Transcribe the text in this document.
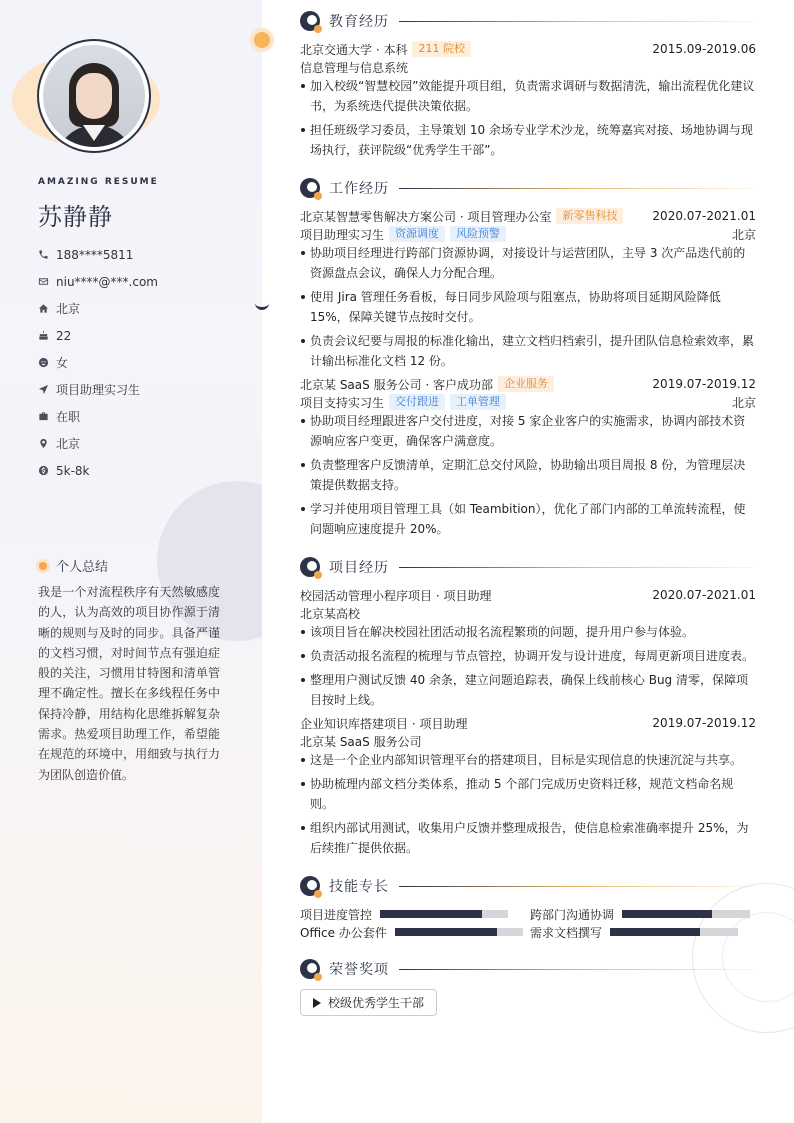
AMAZING RESUME
苏静静
188****5811
niu****@***.com
北京
22
女
项目助理实习生
在职
北京
5k-8k
个人总结

我是一个对流程秩序有天然敏感度的人，认为高效的项目协作源于清晰的规则与及时的同步。具备严谨的文档习惯，对时间节点有强迫症般的关注，习惯用甘特图和清单管理不确定性。擅长在多线程任务中保持冷静，用结构化思维拆解复杂需求。热爱项目助理工作，希望能在规范的环境中，用细致与执行力为团队创造价值。

教育经历
北京交通大学 · 本科	211 院校	2015.09-2019.06
信息管理与信息系统
加入校级“智慧校园”效能提升项目组，负责需求调研与数据清洗，输出流程优化建议书，为系统迭代提供决策依据。
担任班级学习委员，主导策划 10 余场专业学术沙龙，统筹嘉宾对接、场地协调与现场执行，获评院级“优秀学生干部”。
工作经历
北京某智慧零售解决方案公司 · 项目管理办公室	新零售科技	2020.07-2021.01
项目助理实习生	资源调度	风险预警	北京
协助项目经理进行跨部门资源协调，对接设计与运营团队，主导 3 次产品迭代前的资源盘点会议，确保人力分配合理。
使用 Jira 管理任务看板，每日同步风险项与阻塞点，协助将项目延期风险降低 15%，保障关键节点按时交付。
负责会议纪要与周报的标准化输出，建立文档归档索引，提升团队信息检索效率，累计输出标准化文档 12 份。
北京某 SaaS 服务公司 · 客户成功部	企业服务	2019.07-2019.12
项目支持实习生	交付跟进	工单管理	北京
协助项目经理跟进客户交付进度，对接 5 家企业客户的实施需求，协调内部技术资源响应客户变更，确保客户满意度。
负责整理客户反馈清单，定期汇总交付风险，协助输出项目周报 8 份，为管理层决策提供数据支持。
学习并使用项目管理工具（如 Teambition），优化了部门内部的工单流转流程，使问题响应速度提升 20%。
项目经历
校园活动管理小程序项目 · 项目助理	2020.07-2021.01
北京某高校
该项目旨在解决校园社团活动报名流程繁琐的问题，提升用户参与体验。
负责活动报名流程的梳理与节点管控，协调开发与设计进度，每周更新项目进度表。
整理用户测试反馈 40 余条，建立问题追踪表，确保上线前核心 Bug 清零，保障项目按时上线。
企业知识库搭建项目 · 项目助理	2019.07-2019.12
北京某 SaaS 服务公司
这是一个企业内部知识管理平台的搭建项目，目标是实现信息的快速沉淀与共享。
协助梳理内部文档分类体系，推动 5 个部门完成历史资料迁移，规范文档命名规则。
组织内部试用测试，收集用户反馈并整理成报告，使信息检索准确率提升 25%，为后续推广提供依据。
技能专长
项目进度管控	跨部门沟通协调
Office 办公套件	需求文档撰写
荣誉奖项
校级优秀学生干部
